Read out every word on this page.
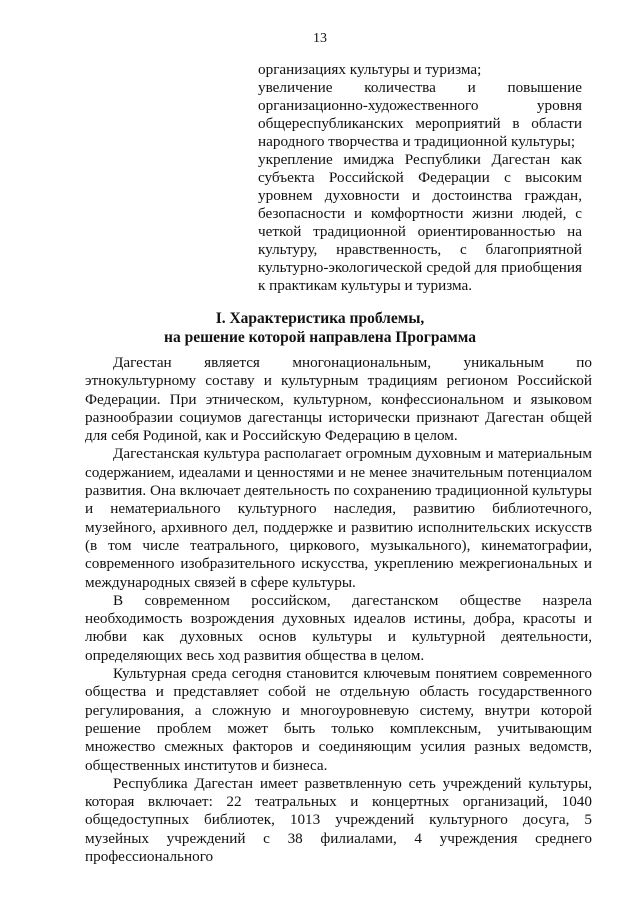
13

организациях культуры и туризма;

увеличение количества и повышение организационно-художественного уровня общереспубликанских мероприятий в области народного творчества и традиционной культуры;

укрепление имиджа Республики Дагестан как субъекта Российской Федерации с высоким уровнем духовности и достоинства граждан, безопасности и комфортности жизни людей, с четкой традиционной ориентированностью на культуру, нравственность, с благоприятной культурно-экологической средой для приобщения к практикам культуры и туризма.

I. Характеристика проблемы,
на решение которой направлена Программа

Дагестан является многонациональным, уникальным по этнокультурному составу и культурным традициям регионом Российской Федерации. При этническом, культурном, конфессиональном и языковом разнообразии социумов дагестанцы исторически признают Дагестан общей для себя Родиной, как и Российскую Федерацию в целом.

Дагестанская культура располагает огромным духовным и материальным содержанием, идеалами и ценностями и не менее значительным потенциалом развития. Она включает деятельность по сохранению традиционной культуры и нематериального культурного наследия, развитию библиотечного, музейного, архивного дел, поддержке и развитию исполнительских искусств (в том числе театрального, циркового, музыкального), кинематографии, современного изобразительного искусства, укреплению межрегиональных и международных связей в сфере культуры.

В современном российском, дагестанском обществе назрела необходимость возрождения духовных идеалов истины, добра, красоты и любви как духовных основ культуры и культурной деятельности, определяющих весь ход развития общества в целом.

Культурная среда сегодня становится ключевым понятием современного общества и представляет собой не отдельную область государственного регулирования, а сложную и многоуровневую систему, внутри которой решение проблем может быть только комплексным, учитывающим множество смежных факторов и соединяющим усилия разных ведомств, общественных институтов и бизнеса.

Республика Дагестан имеет разветвленную сеть учреждений культуры, которая включает: 22 театральных и концертных организаций, 1040 общедоступных библиотек, 1013 учреждений культурного досуга, 5 музейных учреждений с 38 филиалами, 4 учреждения среднего профессионального
